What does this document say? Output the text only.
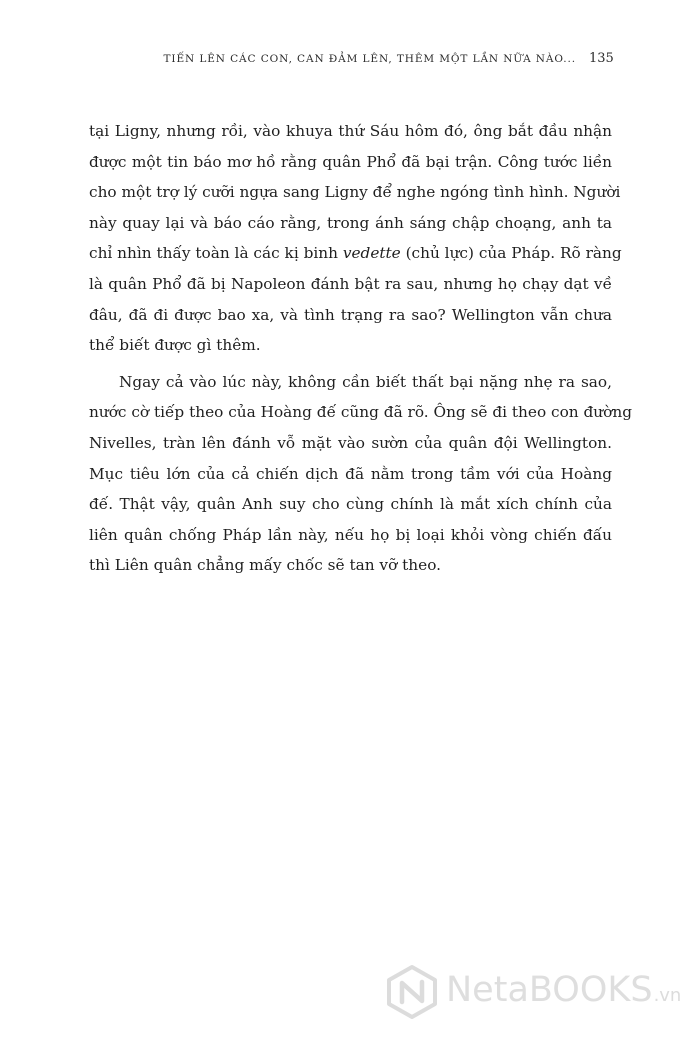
TIẾN LÊN CÁC CON, CAN ĐẢM LÊN, THÊM MỘT LẦN NỮA NÀO... 135

tại Ligny, nhưng rồi, vào khuya thứ Sáu hôm đó, ông bắt đầu nhận
được một tin báo mơ hồ rằng quân Phổ đã bại trận. Công tước liền
cho một trợ lý cưỡi ngựa sang Ligny để nghe ngóng tình hình. Người
này quay lại và báo cáo rằng, trong ánh sáng chập choạng, anh ta
chỉ nhìn thấy toàn là các kị binh vedette (chủ lực) của Pháp. Rõ ràng
là quân Phổ đã bị Napoleon đánh bật ra sau, nhưng họ chạy dạt về
đâu, đã đi được bao xa, và tình trạng ra sao? Wellington vẫn chưa
thể biết được gì thêm.

Ngay cả vào lúc này, không cần biết thất bại nặng nhẹ ra sao,
nước cờ tiếp theo của Hoàng đế cũng đã rõ. Ông sẽ đi theo con đường
Nivelles, tràn lên đánh vỗ mặt vào sườn của quân đội Wellington.
Mục tiêu lớn của cả chiến dịch đã nằm trong tầm với của Hoàng
đế. Thật vậy, quân Anh suy cho cùng chính là mắt xích chính của
liên quân chống Pháp lần này, nếu họ bị loại khỏi vòng chiến đấu
thì Liên quân chẳng mấy chốc sẽ tan vỡ theo.

NetaBOOKS.vn
